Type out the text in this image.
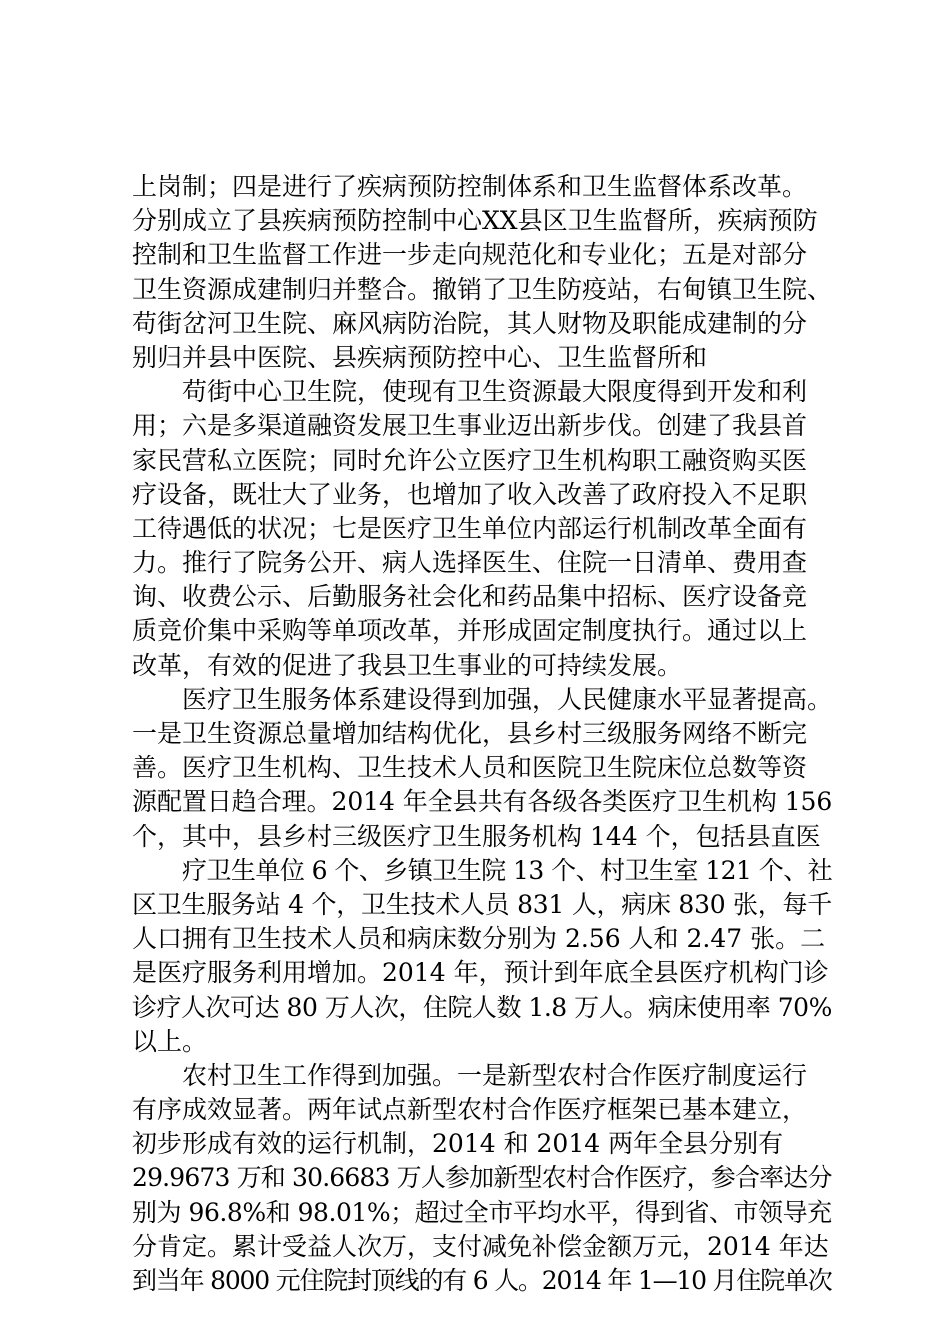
上岗制；四是进行了疾病预防控制体系和卫生监督体系改革。
分别成立了县疾病预防控制中心XX县区卫生监督所，疾病预防
控制和卫生监督工作进一步走向规范化和专业化；五是对部分
卫生资源成建制归并整合。撤销了卫生防疫站，右甸镇卫生院、
苟街岔河卫生院、麻风病防治院，其人财物及职能成建制的分
别归并县中医院、县疾病预防控中心、卫生监督所和
苟街中心卫生院，使现有卫生资源最大限度得到开发和利
用；六是多渠道融资发展卫生事业迈出新步伐。创建了我县首
家民营私立医院；同时允许公立医疗卫生机构职工融资购买医
疗设备，既壮大了业务，也增加了收入改善了政府投入不足职
工待遇低的状况；七是医疗卫生单位内部运行机制改革全面有
力。推行了院务公开、病人选择医生、住院一日清单、费用查
询、收费公示、后勤服务社会化和药品集中招标、医疗设备竞
质竞价集中采购等单项改革，并形成固定制度执行。通过以上
改革，有效的促进了我县卫生事业的可持续发展。
医疗卫生服务体系建设得到加强，人民健康水平显著提高。
一是卫生资源总量增加结构优化，县乡村三级服务网络不断完
善。医疗卫生机构、卫生技术人员和医院卫生院床位总数等资
源配置日趋合理。2014 年全县共有各级各类医疗卫生机构 156
个，其中，县乡村三级医疗卫生服务机构 144 个，包括县直医
疗卫生单位 6 个、乡镇卫生院 13 个、村卫生室 121 个、社
区卫生服务站 4 个，卫生技术人员 831 人，病床 830 张，每千
人口拥有卫生技术人员和病床数分别为 2.56 人和 2.47 张。二
是医疗服务利用增加。2014 年，预计到年底全县医疗机构门诊
诊疗人次可达 80 万人次，住院人数 1.8 万人。病床使用率 70%
以上。
农村卫生工作得到加强。一是新型农村合作医疗制度运行
有序成效显著。两年试点新型农村合作医疗框架已基本建立，
初步形成有效的运行机制，2014 和 2014 两年全县分别有
29.9673 万和 30.6683 万人参加新型农村合作医疗，参合率达分
别为 96.8%和 98.01%；超过全市平均水平，得到省、市领导充
分肯定。累计受益人次万，支付减免补偿金额万元，2014 年达
到当年 8000 元住院封顶线的有 6 人。2014 年 1—10 月住院单次
